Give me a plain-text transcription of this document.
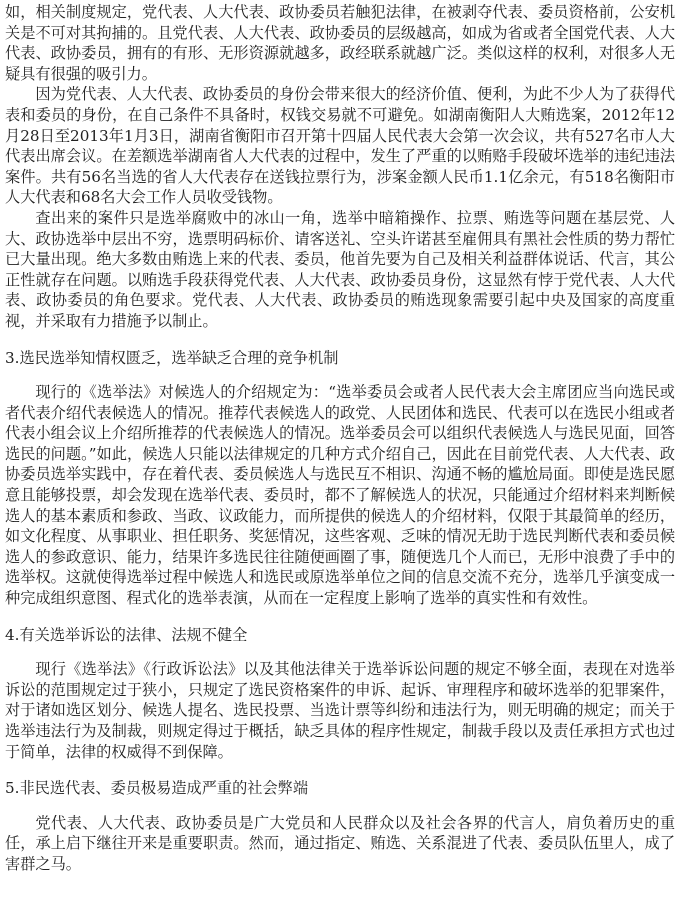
如，相关制度规定，党代表、人大代表、政协委员若触犯法律，在被剥夺代表、委员资格前，公安机关是不可对其拘捕的。且党代表、人大代表、政协委员的层级越高，如成为省或者全国党代表、人大代表、政协委员，拥有的有形、无形资源就越多，政经联系就越广泛。类似这样的权利，对很多人无疑具有很强的吸引力。

因为党代表、人大代表、政协委员的身份会带来很大的经济价值、便利，为此不少人为了获得代表和委员的身份，在自己条件不具备时，权钱交易就不可避免。如湖南衡阳人大贿选案，2012年12月28日至2013年1月3日，湖南省衡阳市召开第十四届人民代表大会第一次会议，共有527名市人大代表出席会议。在差额选举湖南省人大代表的过程中，发生了严重的以贿赂手段破坏选举的违纪违法案件。共有56名当选的省人大代表存在送钱拉票行为，涉案金额人民币1.1亿余元，有518名衡阳市人大代表和68名大会工作人员收受钱物。

查出来的案件只是选举腐败中的冰山一角，选举中暗箱操作、拉票、贿选等问题在基层党、人大、政协选举中层出不穷，选票明码标价、请客送礼、空头许诺甚至雇佣具有黑社会性质的势力帮忙已大量出现。绝大多数由贿选上来的代表、委员，他首先要为自己及相关利益群体说话、代言，其公正性就存在问题。以贿选手段获得党代表、人大代表、政协委员身份，这显然有悖于党代表、人大代表、政协委员的角色要求。党代表、人大代表、政协委员的贿选现象需要引起中央及国家的高度重视，并采取有力措施予以制止。

3.选民选举知情权匮乏，选举缺乏合理的竞争机制

现行的《选举法》对候选人的介绍规定为：“选举委员会或者人民代表大会主席团应当向选民或者代表介绍代表候选人的情况。推荐代表候选人的政党、人民团体和选民、代表可以在选民小组或者代表小组会议上介绍所推荐的代表候选人的情况。选举委员会可以组织代表候选人与选民见面，回答选民的问题。”如此，候选人只能以法律规定的几种方式介绍自己，因此在目前党代表、人大代表、政协委员选举实践中，存在着代表、委员候选人与选民互不相识、沟通不畅的尴尬局面。即使是选民愿意且能够投票，却会发现在选举代表、委员时，都不了解候选人的状况，只能通过介绍材料来判断候选人的基本素质和参政、当政、议政能力，而所提供的候选人的介绍材料，仅限于其最简单的经历，如文化程度、从事职业、担任职务、奖惩情况，这些客观、乏味的情况无助于选民判断代表和委员候选人的参政意识、能力，结果许多选民往往随便画圈了事，随便选几个人而已，无形中浪费了手中的选举权。这就使得选举过程中候选人和选民或原选举单位之间的信息交流不充分，选举几乎演变成一种完成组织意图、程式化的选举表演，从而在一定程度上影响了选举的真实性和有效性。

4.有关选举诉讼的法律、法规不健全

现行《选举法》《行政诉讼法》以及其他法律关于选举诉讼问题的规定不够全面，表现在对选举诉讼的范围规定过于狭小，只规定了选民资格案件的申诉、起诉、审理程序和破坏选举的犯罪案件，对于诸如选区划分、候选人提名、选民投票、当选计票等纠纷和违法行为，则无明确的规定；而关于选举违法行为及制裁，则规定得过于概括，缺乏具体的程序性规定，制裁手段以及责任承担方式也过于简单，法律的权威得不到保障。

5.非民选代表、委员极易造成严重的社会弊端

党代表、人大代表、政协委员是广大党员和人民群众以及社会各界的代言人，肩负着历史的重任，承上启下继往开来是重要职责。然而，通过指定、贿选、关系混进了代表、委员队伍里人，成了害群之马。
